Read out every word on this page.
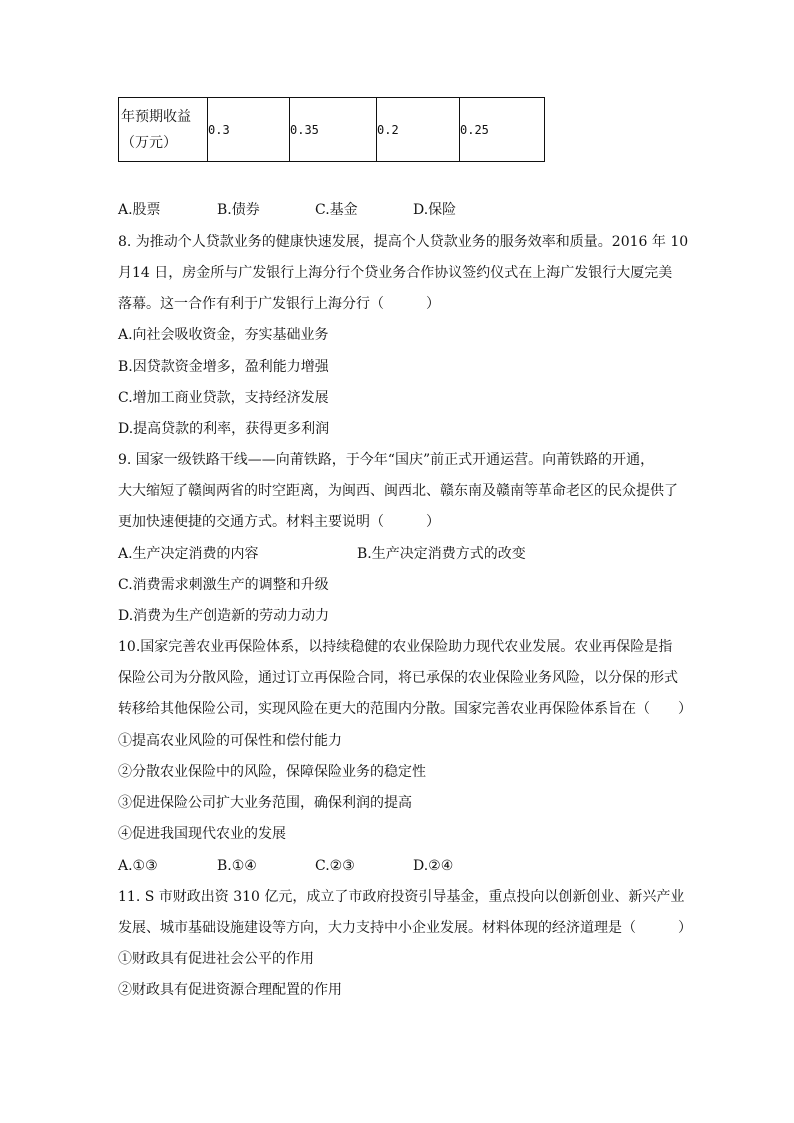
年预期收益
（万元）
	0.3	0.35	0.2	0.25
A.股票	B.债券	C.基金	D.保险
8. 为推动个人贷款业务的健康快速发展，提高个人贷款业务的服务效率和质量。2016 年 10
月14 日，房金所与广发银行上海分行个贷业务合作协议签约仪式在上海广发银行大厦完美
落幕。这一合作有利于广发银行上海分行（　　　）
A.向社会吸收资金，夯实基础业务
B.因贷款资金增多，盈利能力增强
C.增加工商业贷款，支持经济发展
D.提高贷款的利率，获得更多利润
9. 国家一级铁路干线——向莆铁路，于今年“国庆”前正式开通运营。向莆铁路的开通，
大大缩短了赣闽两省的时空距离，为闽西、闽西北、赣东南及赣南等革命老区的民众提供了
更加快速便捷的交通方式。材料主要说明（　　　）
A.生产决定消费的内容	B.生产决定消费方式的改变
C.消费需求刺激生产的调整和升级
D.消费为生产创造新的劳动力动力
10.国家完善农业再保险体系，以持续稳健的农业保险助力现代农业发展。农业再保险是指
保险公司为分散风险，通过订立再保险合同，将已承保的农业保险业务风险，以分保的形式
转移给其他保险公司，实现风险在更大的范围内分散。国家完善农业再保险体系旨在（　　）
①提高农业风险的可保性和偿付能力
②分散农业保险中的风险，保障保险业务的稳定性
③促进保险公司扩大业务范围，确保利润的提高
④促进我国现代农业的发展
A.①③	B.①④	C.②③	D.②④
11. S 市财政出资 310 亿元，成立了市政府投资引导基金，重点投向以创新创业、新兴产业
发展、城市基础设施建设等方向，大力支持中小企业发展。材料体现的经济道理是（　　　）
①财政具有促进社会公平的作用
②财政具有促进资源合理配置的作用
